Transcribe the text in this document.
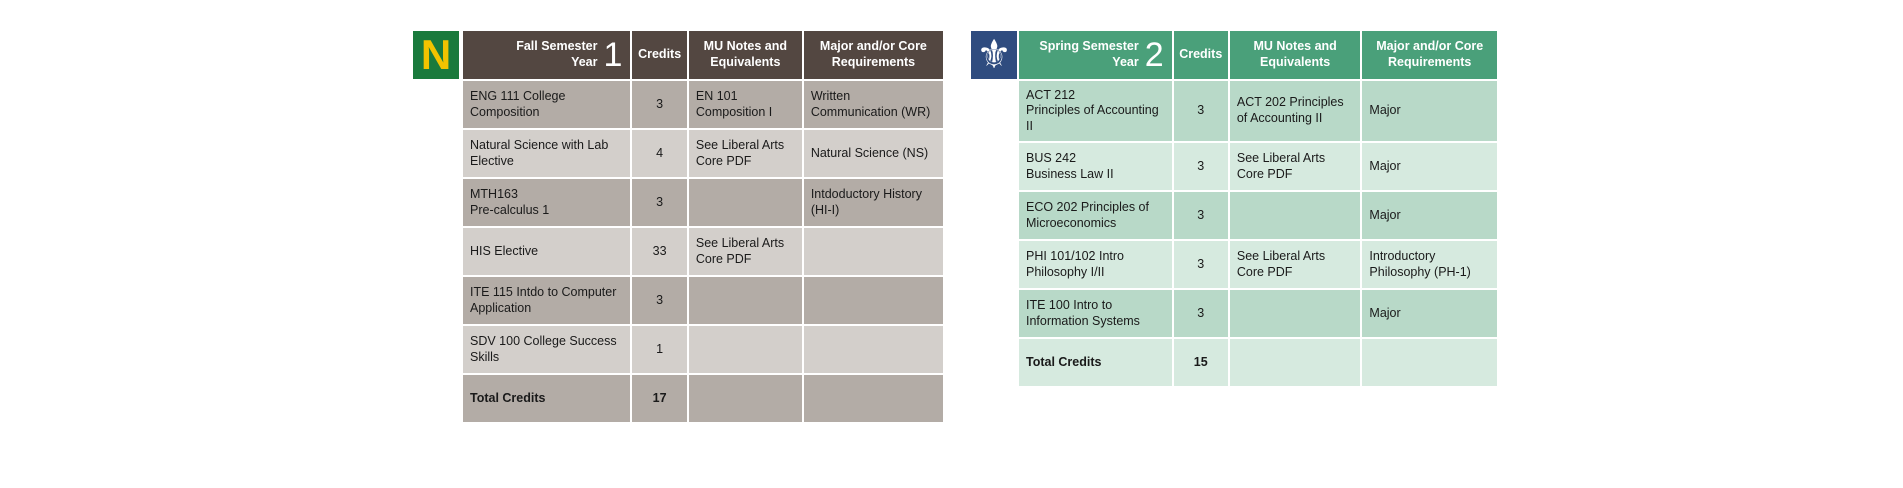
N	Fall Semester
Year 1	Credits	MU Notes and Equivalents	Major and/or Core Requirements
ENG 111 College Composition	3	EN 101 Composition I	Written Communication (WR)
Natural Science with Lab Elective	4	See Liberal Arts Core PDF	Natural Science (NS)
MTH163
Pre-calculus 1	3		Intdoductory History (HI-I)
HIS Elective	33	See Liberal Arts Core PDF	
ITE 115 Intdo to Computer Application	3		
SDV 100 College Success Skills	1		
Total Credits	17		
⚜ Spring Semester
Year 2	Credits	MU Notes and Equivalents	Major and/or Core Requirements
ACT 212
Principles of Accounting II	3	ACT 202 Principles of Accounting II	Major
BUS 242
Business Law II	3	See Liberal Arts Core PDF	Major
ECO 202 Principles of Microeconomics	3		Major
PHI 101/102 Intro Philosophy I/II	3	See Liberal Arts Core PDF	Introductory Philosophy (PH-1)
ITE 100 Intro to Information Systems	3		Major
Total Credits	15		
